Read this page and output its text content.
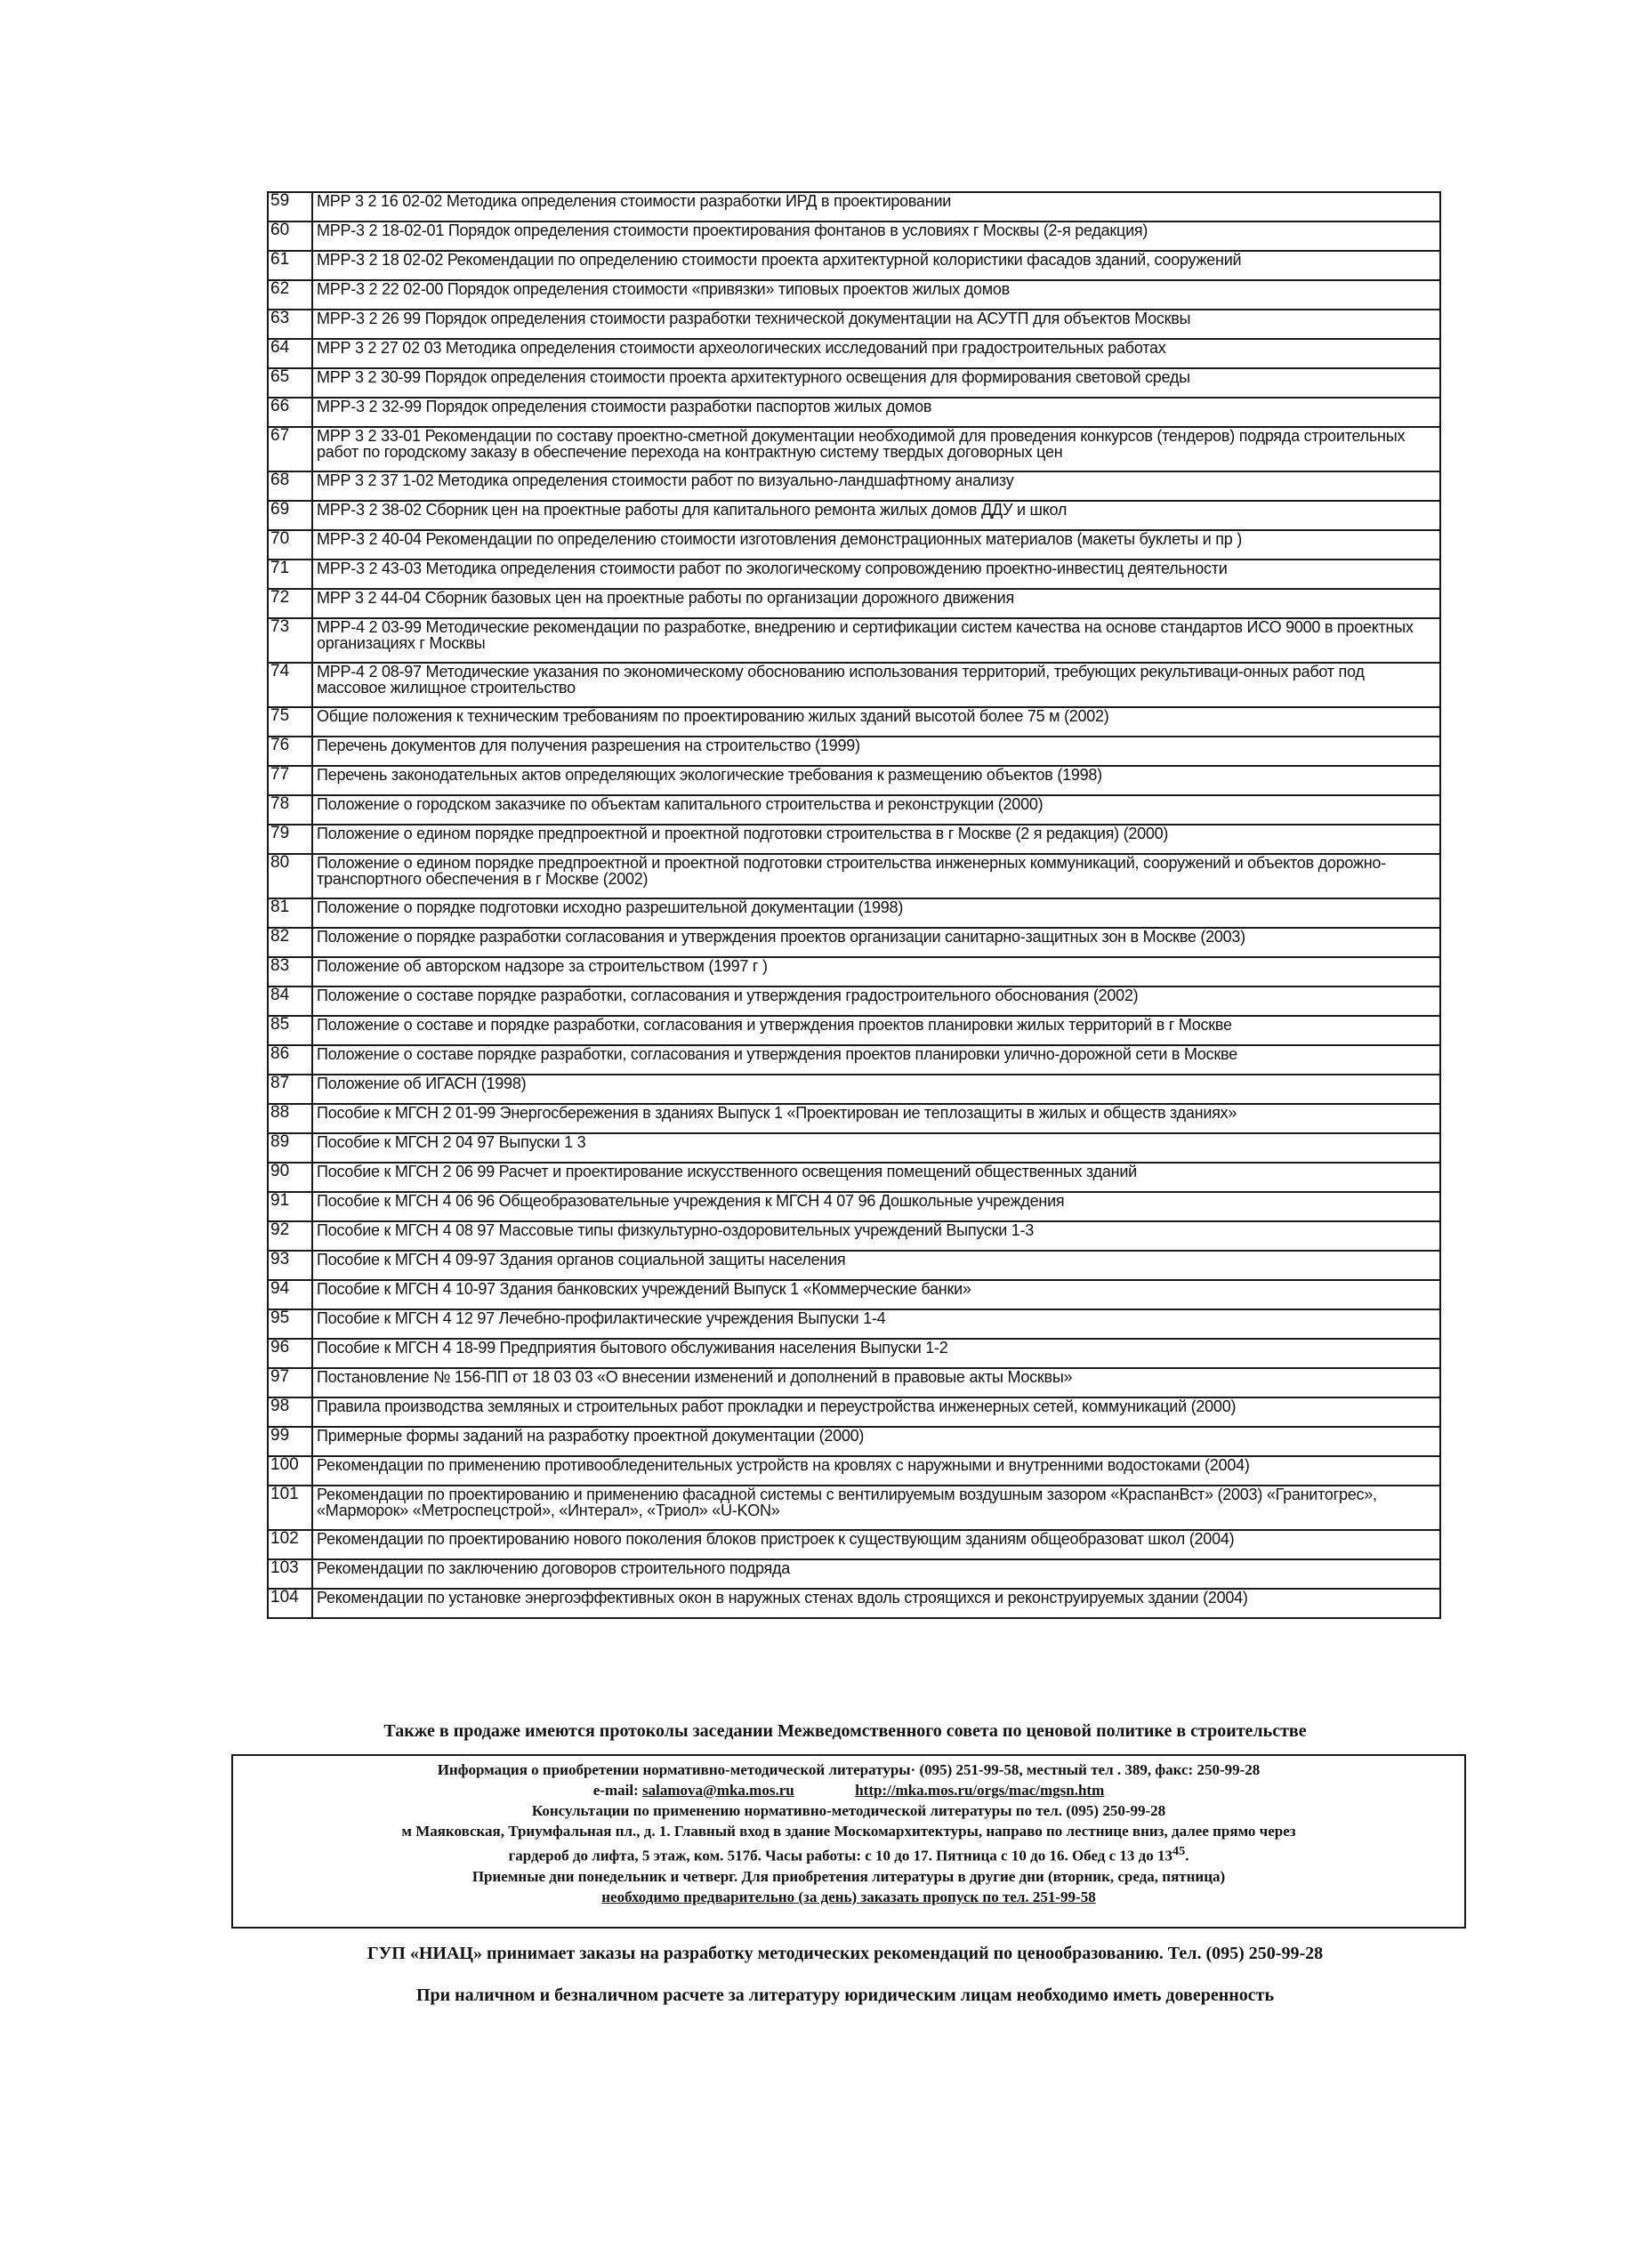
59	МРР 3 2 16 02-02 Методика определения стоимости разработки ИРД в проектировании
60	МРР-3 2 18-02-01 Порядок определения стоимости проектирования фонтанов в условиях г Москвы (2-я редакция)
61	МРР-3 2 18 02-02 Рекомендации по определению стоимости проекта архитектурной колористики фасадов зданий, сооружений
62	МРР-3 2 22 02-00 Порядок определения стоимости «привязки» типовых проектов жилых домов
63	МРР-3 2 26 99 Порядок определения стоимости разработки технической документации на АСУТП для объектов Москвы
64	МРР 3 2 27 02 03 Методика определения стоимости археологических исследований при градостроительных работах
65	МРР 3 2 30-99 Порядок определения стоимости проекта архитектурного освещения для формирования световой среды
66	МРР-3 2 32-99 Порядок определения стоимости разработки паспортов жилых домов
67	МРР 3 2 33-01 Рекомендации по составу проектно-сметной документации необходимой для проведения конкурсов (тендеров) подряда строительных работ по городскому заказу в обеспечение перехода на контрактную систему твердых договорных цен
68	МРР 3 2 37 1-02 Методика определения стоимости работ по визуально-ландшафтному анализу
69	МРР-3 2 38-02 Сборник цен на проектные работы для капитального ремонта жилых домов ДДУ и школ
70	МРР-3 2 40-04 Рекомендации по определению стоимости изготовления демонстрационных материалов (макеты буклеты и пр )
71	МРР-3 2 43-03 Методика определения стоимости работ по экологическому сопровождению проектно-инвестиц деятельности
72	МРР 3 2 44-04 Сборник базовых цен на проектные работы по организации дорожного движения
73	МРР-4 2 03-99 Методические рекомендации по разработке, внедрению и сертификации систем качества на основе стандартов ИСО 9000 в проектных организациях г Москвы
74	МРР-4 2 08-97 Методические указания по экономическому обоснованию использования территорий, требующих рекультиваци-онных работ под массовое жилищное строительство
75	Общие положения к техническим требованиям по проектированию жилых зданий высотой более 75 м (2002)
76	Перечень документов для получения разрешения на строительство (1999)
77	Перечень законодательных актов определяющих экологические требования к размещению объектов (1998)
78	Положение о городском заказчике по объектам капитального строительства и реконструкции (2000)
79	Положение о едином порядке предпроектной и проектной подготовки строительства в г Москве (2 я редакция) (2000)
80	Положение о едином порядке предпроектной и проектной подготовки строительства инженерных коммуникаций, сооружений и объектов дорожно-транспортного обеспечения в г Москве (2002)
81	Положение о порядке подготовки исходно разрешительной документации (1998)
82	Положение о порядке разработки согласования и утверждения проектов организации санитарно-защитных зон в Москве (2003)
83	Положение об авторском надзоре за строительством (1997 г )
84	Положение о составе порядке разработки, согласования и утверждения градостроительного обоснования (2002)
85	Положение о составе и порядке разработки, согласования и утверждения проектов планировки жилых территорий в г Москве
86	Положение о составе порядке разработки, согласования и утверждения проектов планировки улично-дорожной сети в Москве
87	Положение об ИГАСН (1998)
88	Пособие к МГСН 2 01-99 Энергосбережения в зданиях Выпуск 1 «Проектирован ие теплозащиты в жилых и обществ зданиях»
89	Пособие к МГСН 2 04 97 Выпуски 1 3
90	Пособие к МГСН 2 06 99 Расчет и проектирование искусственного освещения помещений общественных зданий
91	Пособие к МГСН 4 06 96 Общеобразовательные учреждения к МГСН 4 07 96 Дошкольные учреждения
92	Пособие к МГСН 4 08 97 Массовые типы физкультурно-оздоровительных учреждений Выпуски 1-3
93	Пособие к МГСН 4 09-97 Здания органов социальной защиты населения
94	Пособие к МГСН 4 10-97 Здания банковских учреждений Выпуск 1 «Коммерческие банки»
95	Пособие к МГСН 4 12 97 Лечебно-профилактические учреждения Выпуски 1-4
96	Пособие к МГСН 4 18-99 Предприятия бытового обслуживания населения Выпуски 1-2
97	Постановление № 156-ПП от 18 03 03 «О внесении изменений и дополнений в правовые акты Москвы»
98	Правила производства земляных и строительных работ прокладки и переустройства инженерных сетей, коммуникаций (2000)
99	Примерные формы заданий на разработку проектной документации (2000)
100	Рекомендации по применению противообледенительных устройств на кровлях с наружными и внутренними водостоками (2004)
101	Рекомендации по проектированию и применению фасадной системы с вентилируемым воздушным зазором «КраспанВст» (2003) «Гранитогрес», «Марморок» «Метроспецстрой», «Интерал», «Триол» «U-KON»
102	Рекомендации по проектированию нового поколения блоков пристроек к существующим зданиям общеобразоват школ (2004)
103	Рекомендации по заключению договоров строительного подряда
104	Рекомендации по установке энергоэффективных окон в наружных стенах вдоль строящихся и реконструируемых здании (2004)
Также в продаже имеются протоколы заседании Межведомственного совета по ценовой политике в строительстве
Информация о приобретении нормативно-методической литературы· (095) 251-99-58, местный тел . 389, факс: 250-99-28
e-mail: salamova@mka.mos.ru	http://mka.mos.ru/orgs/mac/mgsn.htm
Консультации по применению нормативно-методической литературы по тел. (095) 250-99-28
м Маяковская, Триумфальная пл., д. 1. Главный вход в здание Москомархитектуры, направо по лестнице вниз, далее прямо через
гардероб до лифта, 5 этаж, ком. 517б. Часы работы: с 10 до 17. Пятница с 10 до 16. Обед с 13 до $13^{45}$.
Приемные дни понедельник и четверг. Для приобретения литературы в другие дни (вторник, среда, пятница)
необходимо предварительно (за день) заказать пропуск по тел. 251-99-58
ГУП «НИАЦ» принимает заказы на разработку методических рекомендаций по ценообразованию. Тел. (095) 250-99-28
При наличном и безналичном расчете за литературу юридическим лицам необходимо иметь доверенность
